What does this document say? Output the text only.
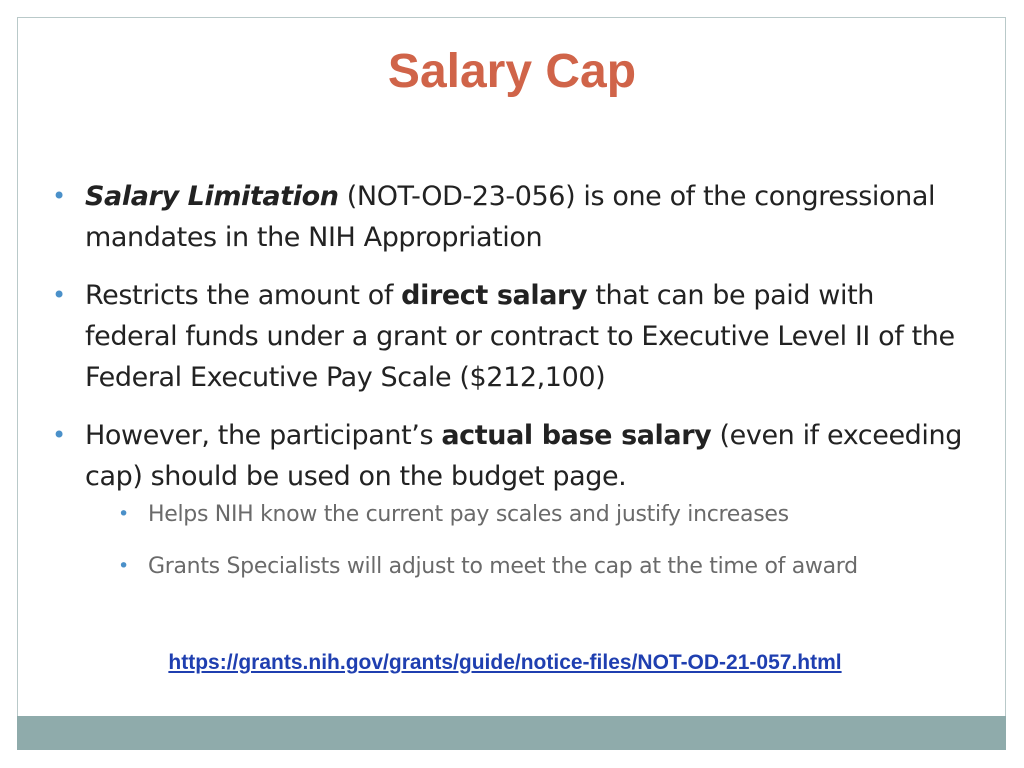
Salary Cap
• Salary Limitation (NOT-OD-23-056) is one of the congressional mandates in the NIH Appropriation
• Restricts the amount of direct salary that can be paid with federal funds under a grant or contract to Executive Level II of the Federal Executive Pay Scale ($212,100)
• However, the participant’s actual base salary (even if exceeding cap) should be used on the budget page.
• Helps NIH know the current pay scales and justify increases
• Grants Specialists will adjust to meet the cap at the time of award
https://grants.nih.gov/grants/guide/notice-files/NOT-OD-21-057.html
